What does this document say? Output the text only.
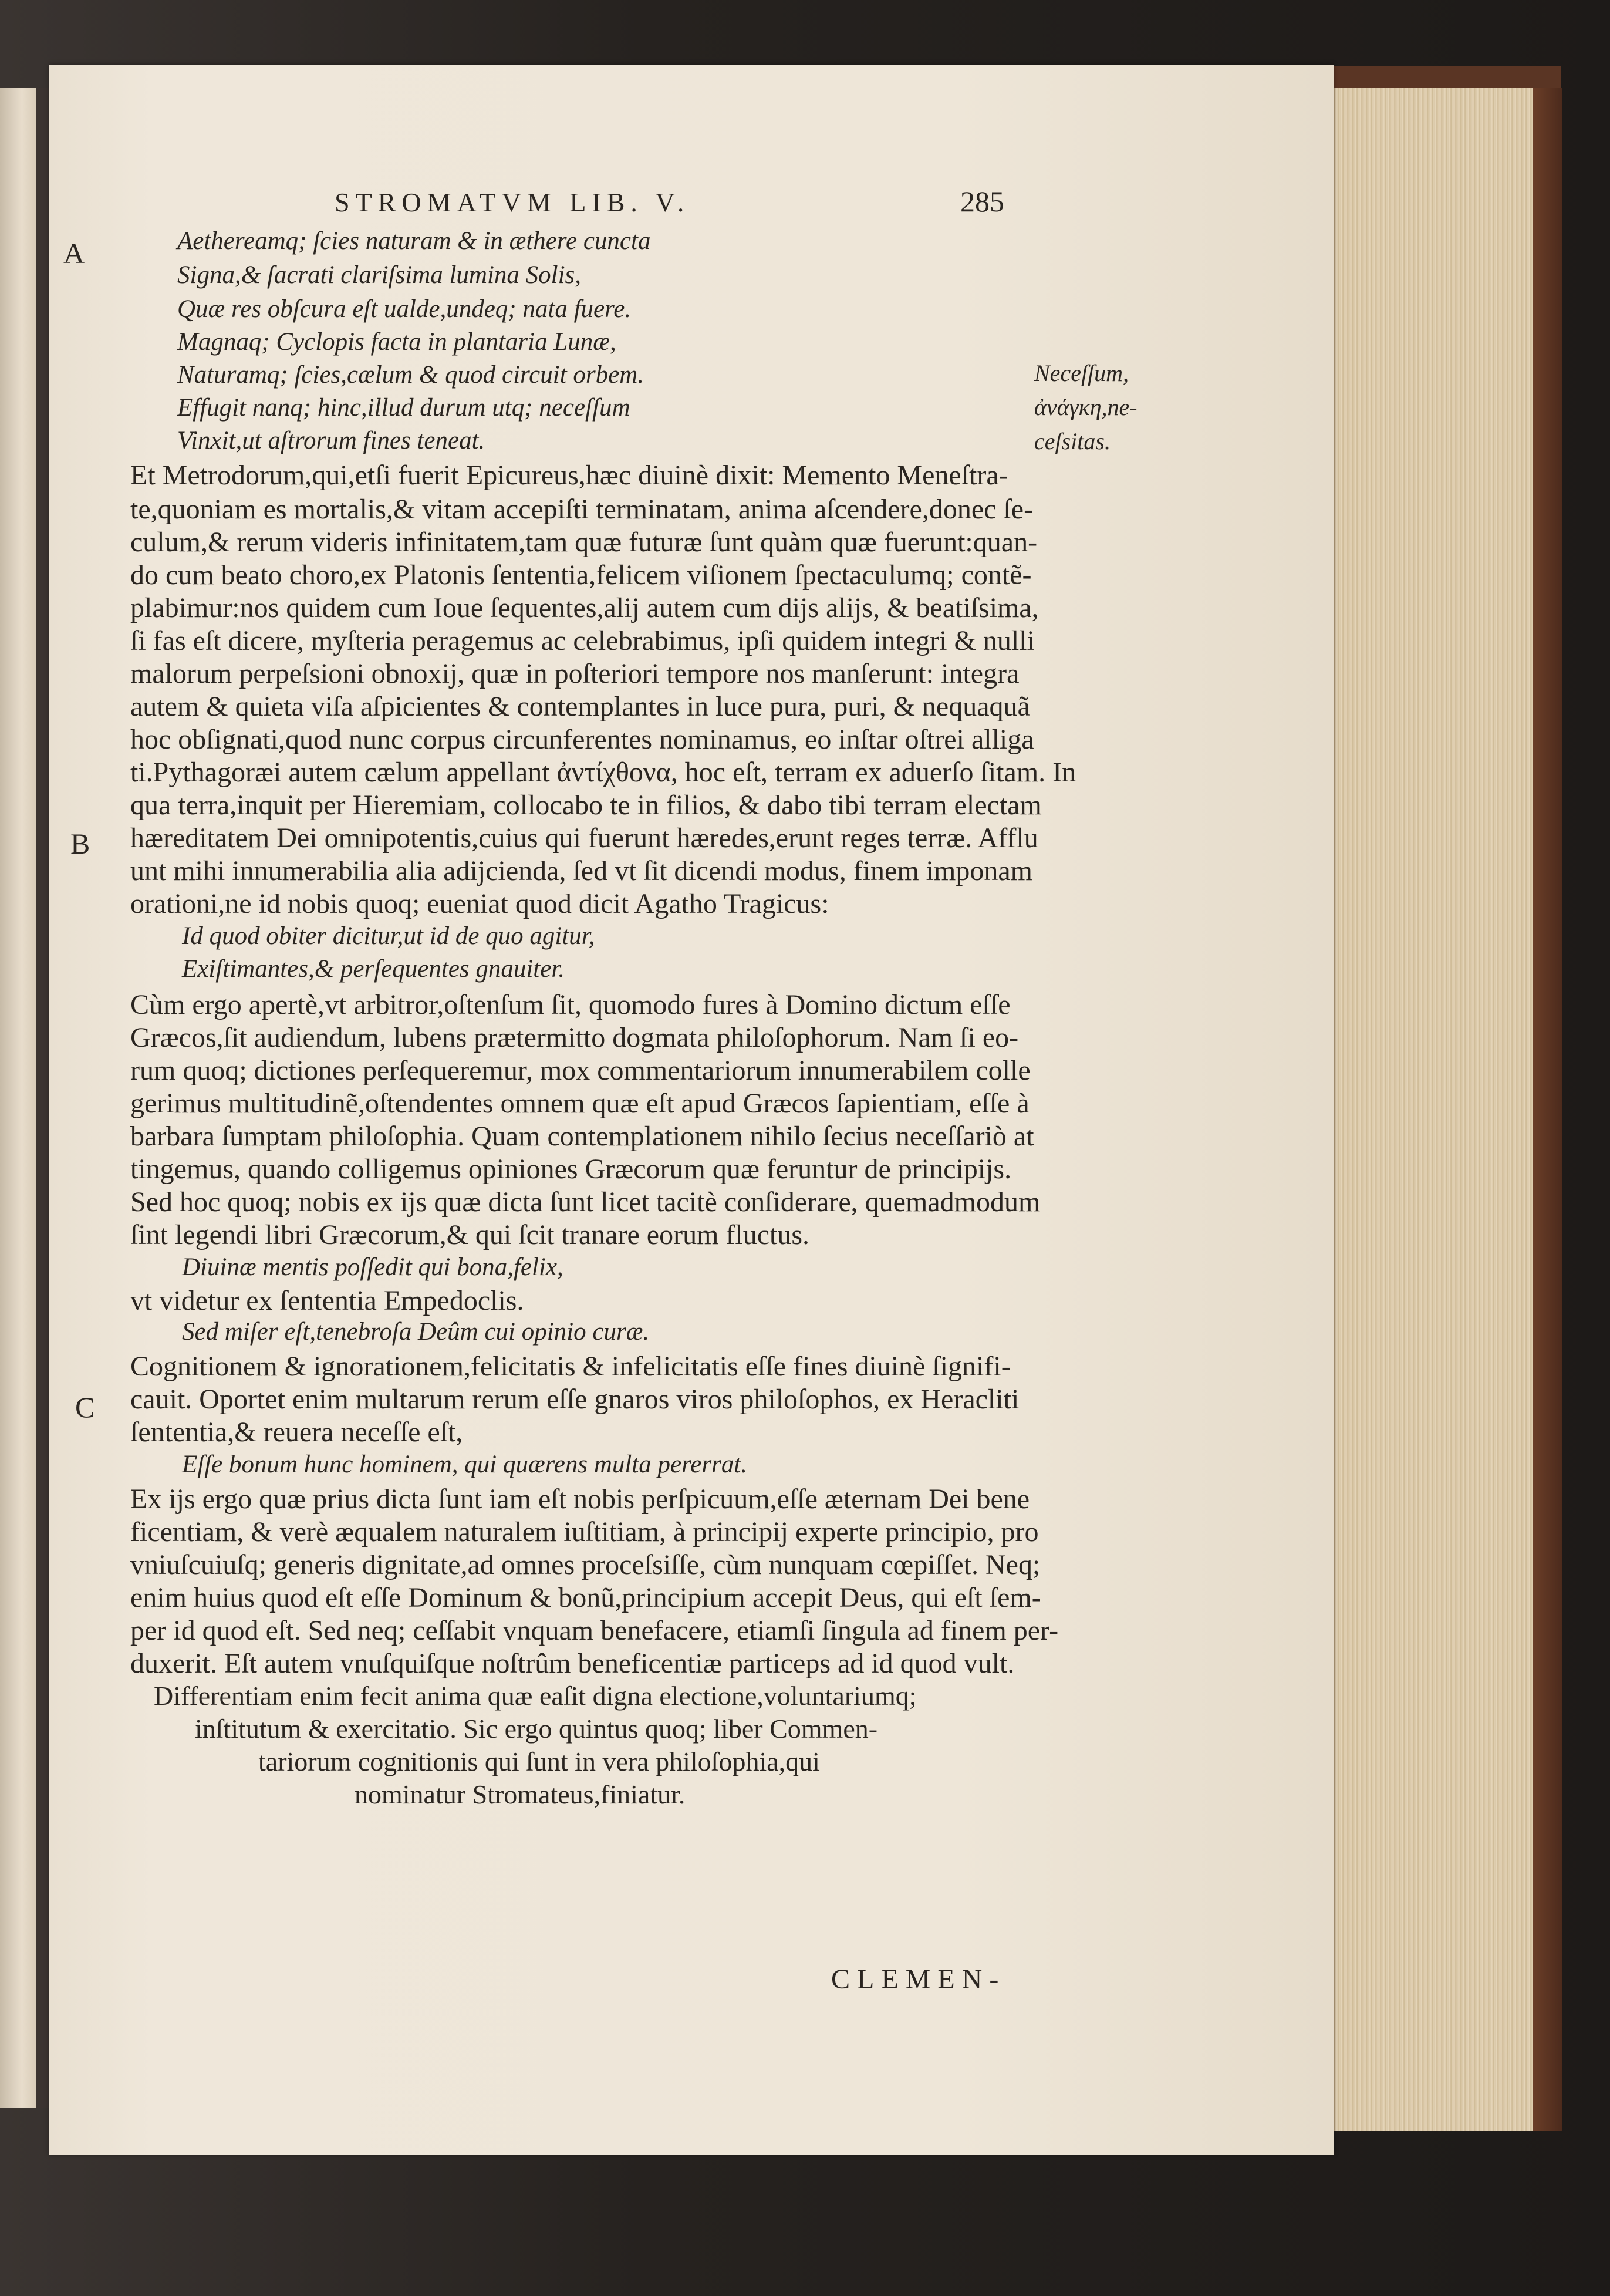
STROMATVM LIB. V.	285
A
B
C
Aethereamq; ſcies naturam & in æthere cuncta
Signa,& ſacrati clariſsima lumina Solis,
Quæ res obſcura eſt ualde,undeq; nata fuere.
Magnaq; Cyclopis facta in plantaria Lunæ,
Naturamq; ſcies,cælum & quod circuit orbem.
Effugit nanq; hinc,illud durum utq; neceſſum
Vinxit,ut aſtrorum fines teneat.
Neceſſum,
ἀνάγκη,ne-
ceſsitas.
Et Metrodorum,qui,etſi fuerit Epicureus,hæc diuinè dixit: Memento Meneſtra-
te,quoniam es mortalis,& vitam accepiſti terminatam, anima aſcendere,donec ſe-
culum,& rerum videris infinitatem,tam quæ futuræ ſunt quàm quæ fuerunt:quan-
do cum beato choro,ex Platonis ſententia,felicem viſionem ſpectaculumq; contẽ-
plabimur:nos quidem cum Ioue ſequentes,alij autem cum dijs alijs, & beatiſsima,
ſi fas eſt dicere, myſteria peragemus ac celebrabimus, ipſi quidem integri & nulli
malorum perpeſsioni obnoxij, quæ in poſteriori tempore nos manſerunt: integra
autem & quieta viſa aſpicientes & contemplantes in luce pura, puri, & nequaquã
hoc obſignati,quod nunc corpus circunferentes nominamus, eo inſtar oſtrei alliga
ti.Pythagoræi autem cælum appellant ἀντίχθονα, hoc eſt, terram ex aduerſo ſitam. In
qua terra,inquit per Hieremiam, collocabo te in filios, & dabo tibi terram electam
hæreditatem Dei omnipotentis,cuius qui fuerunt hæredes,erunt reges terræ. Afflu
unt mihi innumerabilia alia adijcienda, ſed vt ſit dicendi modus, finem imponam
orationi,ne id nobis quoq; eueniat quod dicit Agatho Tragicus:
Id quod obiter dicitur,ut id de quo agitur,
Exiſtimantes,& perſequentes gnauiter.
Cùm ergo apertè,vt arbitror,oſtenſum ſit, quomodo fures à Domino dictum eſſe
Græcos,ſit audiendum, lubens prætermitto dogmata philoſophorum. Nam ſi eo-
rum quoq; dictiones perſequeremur, mox commentariorum innumerabilem colle
gerimus multitudinẽ,oſtendentes omnem quæ eſt apud Græcos ſapientiam, eſſe à
barbara ſumptam philoſophia. Quam contemplationem nihilo ſecius neceſſariò at
tingemus, quando colligemus opiniones Græcorum quæ feruntur de principijs.
Sed hoc quoq; nobis ex ijs quæ dicta ſunt licet tacitè conſiderare, quemadmodum
ſint legendi libri Græcorum,& qui ſcit tranare eorum fluctus.
Diuinæ mentis poſſedit qui bona,felix,
vt videtur ex ſententia Empedoclis.
Sed miſer eſt,tenebroſa Deûm cui opinio curæ.
Cognitionem & ignorationem,felicitatis & infelicitatis eſſe fines diuinè ſignifi-
cauit. Oportet enim multarum rerum eſſe gnaros viros philoſophos, ex Heracliti
ſententia,& reuera neceſſe eſt,
Eſſe bonum hunc hominem, qui quærens multa pererrat.
Ex ijs ergo quæ prius dicta ſunt iam eſt nobis perſpicuum,eſſe æternam Dei bene
ficentiam, & verè æqualem naturalem iuſtitiam, à principij experte principio, pro
vniuſcuiuſq; generis dignitate,ad omnes proceſsiſſe, cùm nunquam cœpiſſet. Neq;
enim huius quod eſt eſſe Dominum & bonũ,principium accepit Deus, qui eſt ſem-
per id quod eſt. Sed neq; ceſſabit vnquam benefacere, etiamſi ſingula ad finem per-
duxerit. Eſt autem vnuſquiſque noſtrûm beneficentiæ particeps ad id quod vult.
Differentiam enim fecit anima quæ eaſit digna electione,voluntariumq;
inſtitutum & exercitatio. Sic ergo quintus quoq; liber Commen-
tariorum cognitionis qui ſunt in vera philoſophia,qui
nominatur Stromateus,finiatur.
CLEMEN-
